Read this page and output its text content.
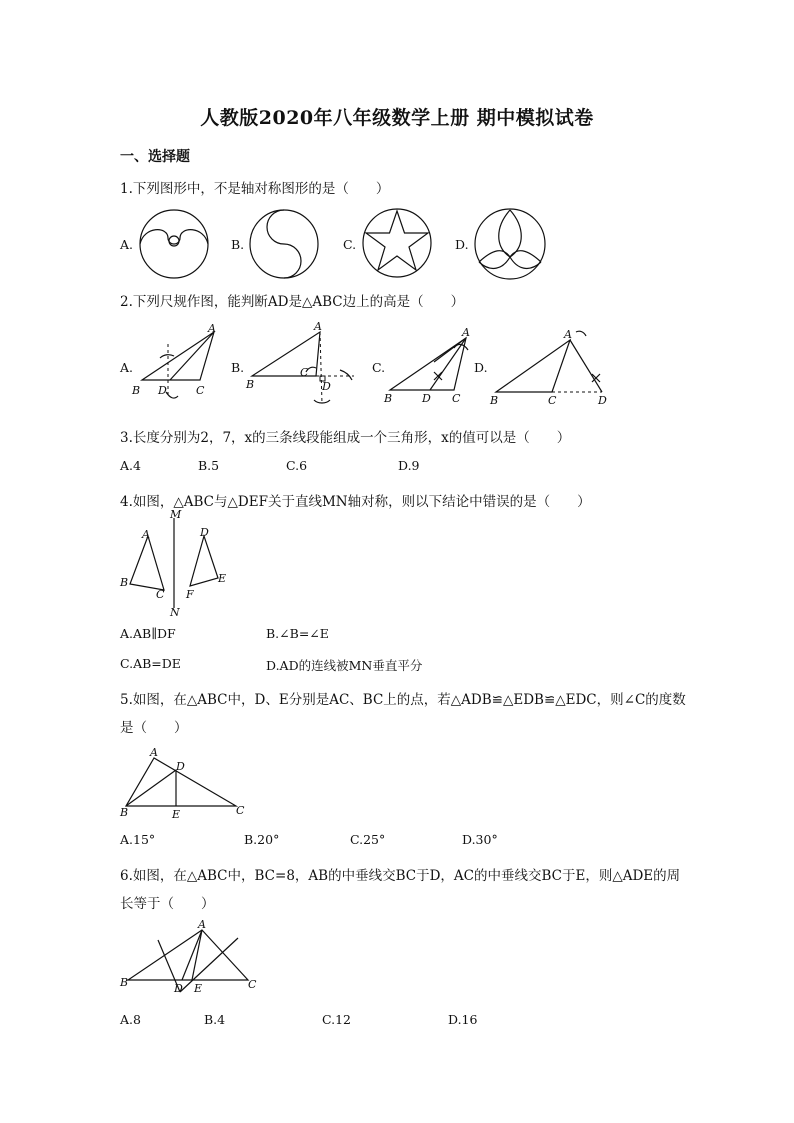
人教版2020年八年级数学上册 期中模拟试卷
一、选择题
1.下列图形中，不是轴对称图形的是（　　）
A.	B.	C.	D.
2.下列尺规作图，能判断AD是△ABC边上的高是（　　）
A.
A
B	C
D
B.
A
B
C
D
C.
A
B	C
D
D.
A
B	C	D
3.长度分别为2，7，x的三条线段能组成一个三角形，x的值可以是（　　）
A.4	B.5	C.6	D.9
4.如图，△ABC与△DEF关于直线MN轴对称，则以下结论中错误的是（　　）
M
N
A
B
C
D
E
F
A.AB∥DF	B.∠B=∠E
C.AB=DE	D.AD的连线被MN垂直平分
5.如图，在△ABC中，D、E分别是AC、BC上的点，若△ADB≌△EDB≌△EDC，则∠C的度数
是（　　）
A
B	C
D
E
A.15°	B.20°	C.25°	D.30°
6.如图，在△ABC中，BC=8，AB的中垂线交BC于D，AC的中垂线交BC于E，则△ADE的周
长等于（　　）
A
B	C
D E
A.8	B.4	C.12	D.16
